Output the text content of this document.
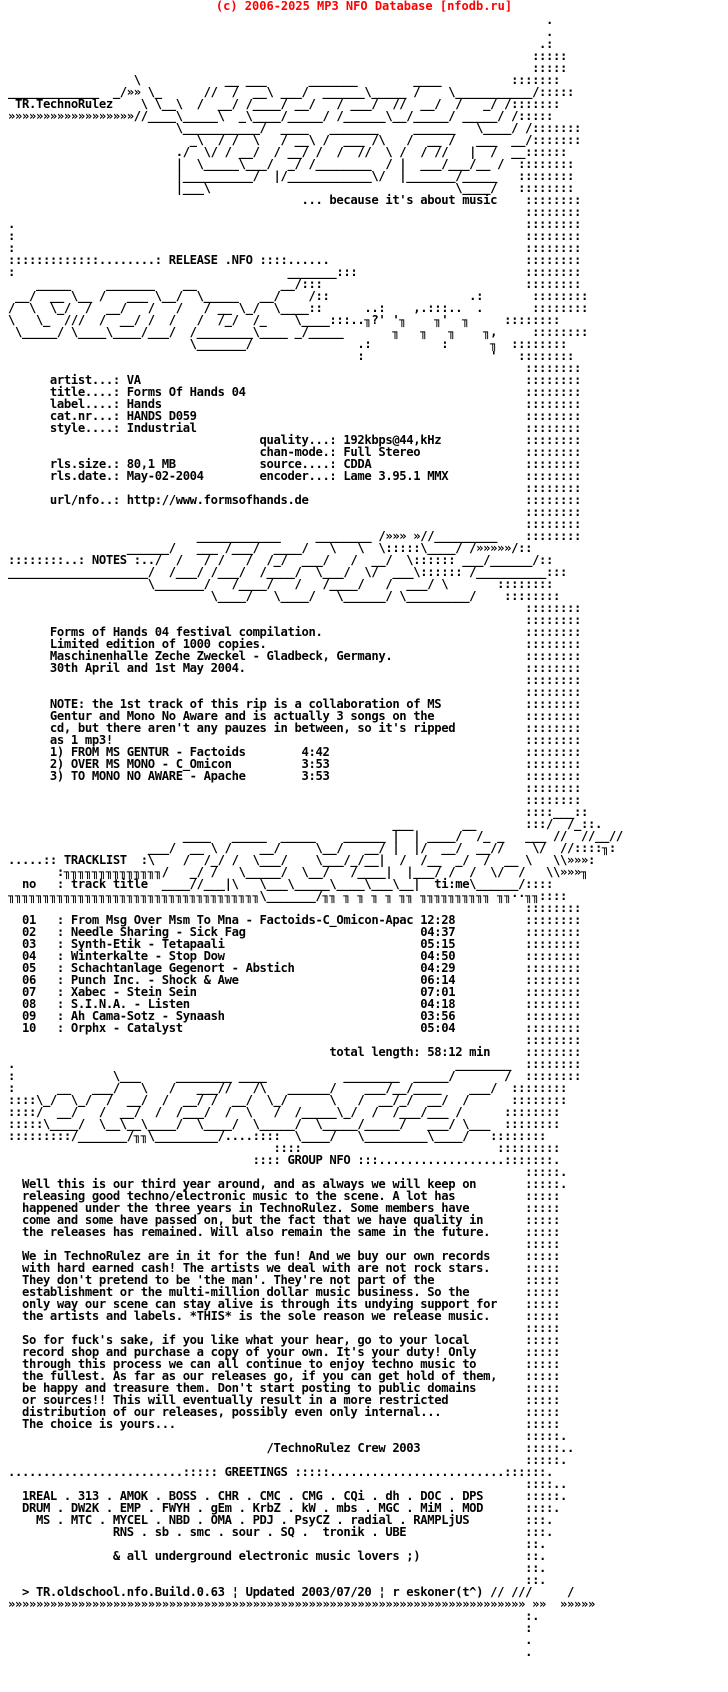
(c) 2006-2025 MP3 NFO Database [nfodb.ru]
.
.
.:
:::::
:::::
\            __ ___      _______        ____          :::::::
_____________  _/»» \_      //  /  __\ ___/  ______\_____ /    \___________/:::::
TR.TechnoRulez    \ \__\  /  __/ /____/ __/   / ___/  //  __/  /   _/ /:::::::
»»»»»»»»»»»»»»»»»»//____\_____\  _\____/_____/ /______\__/_____/ _____/ /:::::
\___________/  ____   _______     ______   \____/ /:::::::
_\  / /  \   / __\ /  ___ /\   /  __ /   ___  __/:::::::
./  \/ / __/  / __/ /  /  //  \ /  / //   |  /  __::::::
|  \_____\___/  _/ /________  / |  ___/___/__ /  ::::::::
|__________/  |/____________\/  |_______/_____   ::::::::
|___\                                   \____/   ::::::::
... because it's about music    ::::::::
::::::::
.                                                                         ::::::::
:                                                                         ::::::::
:                                                                         ::::::::
:::::::::::::........: RELEASE .NFO ::::......                            ::::::::
:                                       _______:::                        ::::::::
_____     _______    __            __/:::                             ::::::::
__/  __ \__ /   ___ \__/  \_____   __/    /::                    .:       ::::::::
/  \  \_/  /  __/   /   /   / __ \_/  \____::      ..:    ,.:::..  .       ::::::::
\   \_  ///  /  __/ /  /   /  /_/  /_    \____:::..╖?' '╖    ╖'  ╖     ::::::::
\_____/ \____\____/___/  /________\____ _/_____       ╖   ╖   ╖    ╖,     ::::::::
\_______/               .:          :      ╖  ::::::::
:                  '   ::::::::
::::::::
artist...: VA                                                       ::::::::
title....: Forms Of Hands 04                                        ::::::::
label....: Hands                                                    ::::::::
cat.nr...: HANDS D059                                               ::::::::
style....: Industrial                                               ::::::::
quality...: 192kbps@44,kHz            ::::::::
chan-mode.: Full Stereo               ::::::::
rls.size.: 80,1 MB            source....: CDDA                      ::::::::
rls.date.: May-02-2004        encoder...: Lame 3.95.1 MMX           ::::::::
::::::::
url/nfo..: http://www.formsofhands.de                               ::::::::
::::::::
::::::::
____________     ________ /»»» »//_________    ::::::::
______/   ___ /___/  ____/   \   \  \:::::\____/ /»»»»»/::
::::::::..: NOTES :../  /   / /   /  /_/  ___/   /  __/  \:::::: ___/______/::
____________________/  /___/ /___/  /____/  \___/  \/  ___\:::::: /__________:::
\_______/   /____/   /   /____/   /  ___/ \       ::::::::
\____/   \____/   \______/ \_________/    ::::::::
::::::::
::::::::
Forms of Hands 04 festival compilation.                             ::::::::
Limited edition of 1000 copies.                                     ::::::::
Maschinenhalle Zeche Zweckel - Gladbeck, Germany.                   ::::::::
30th April and 1st May 2004.                                        ::::::::
::::::::
::::::::
NOTE: the 1st track of this rip is a collaboration of MS            ::::::::
Gentur and Mono No Aware and is actually 3 songs on the             ::::::::
cd, but there aren't any pauzes in between, so it's ripped          ::::::::
as 1 mp3!                                                           ::::::::
1) FROM MS GENTUR - Factoids        4:42                            ::::::::
2) OVER MS MONO - C_Omicon          3:53                            ::::::::
3) TO MONO NO AWARE - Apache        3:53                            ::::::::
::::::::
::::::::
::::___::
___       __       :::/  /_::.
____   _____  _____    ______ |  | ____/  /_ _   ___ //  //__//
___/  __ \ /    __/     \__/   __/ |  |/  __/  __//    \/  //::::╖:
.....:: TRACKLIST  :\    /  /_/ /  \___/    \___/_/__|  /  /__  _/  /  __ \   \\»»»:
:╖╖╖╖╖╖╖╖╖╖╖╖╖╖/   _/ /   \_____/  \__/   /____|  |___/ /  /  \/  /   \\»»»╖
no   : track title  ____//___|\   \___\_____\____\___\__|  ti:me\______/::::
╖╖╖╖╖╖╖╖╖╖╖╖╖╖╖╖╖╖╖╖╖╖╖╖╖╖╖╖╖╖╖╖╖╖╖╖\_______/╖╖ ╖ ╖ ╖ ╖ ╖╖ ╖╖╖╖╖╖╖╖╖╖ ╖╖··╖╖::::
::::::::
01   : From Msg Over Msm To Mna - Factoids-C_Omicon-Apac 12:28          ::::::::
02   : Needle Sharing - Sick Fag                         04:37          ::::::::
03   : Synth-Etik - Tetapaali                            05:15          ::::::::
04   : Winterkalte - Stop Dow                            04:50          ::::::::
05   : Schachtanlage Gegenort - Abstich                  04:29          ::::::::
06   : Punch Inc. - Shock & Awe                          06:14          ::::::::
07   : Xabec - Stein Sein                                07:01          ::::::::
08   : S.I.N.A. - Listen                                 04:18          ::::::::
09   : Ah Cama-Sotz - Synaash                            03:56          ::::::::
10   : Orphx - Catalyst                                  05:04          ::::::::
::::::::
total length: 58:12 min     ::::::::
.                                                               ________  ::::::::
:              \___     ________ ____           ________  _____/       /  ::::::::
:      __   ___/   \   /   ___//   /\   ______/    ___/__/____    ___/  ::::::::
::::\_/  \_/  /  __/  /  __/ /  __/  \_/      \   /  __/_/  __/  /      ::::::::
::::/  __/   /  __/  /  /___/  /  \   /  /_____\_/  /  /___/___ /      ::::::::
:::::\____/  \__\__\____/  \____/  \_____/  \_____/_____/   ___/ \___  ::::::::
:::::::::/_______/╖╖\_________/....::::  \____/   \_________\____/   ::::::::
::::                            :::::::::
:::: GROUP NFO :::..................:::::::.
:::::.
Well this is our third year around, and as always we will keep on       :::::.
releasing good techno/electronic music to the scene. A lot has          :::::
happened under the three years in TechnoRulez. Some members have        :::::
come and some have passed on, but the fact that we have quality in      :::::
the releases has remained. Will also remain the same in the future.     :::::
:::::
We in TechnoRulez are in it for the fun! And we buy our own records     :::::
with hard earned cash! The artists we deal with are not rock stars.     :::::
They don't pretend to be 'the man'. They're not part of the             :::::
establishment or the multi-million dollar music business. So the        :::::
only way our scene can stay alive is through its undying support for    :::::
the artists and labels. *THIS* is the sole reason we release music.     :::::
:::::
So for fuck's sake, if you like what your hear, go to your local        :::::
record shop and purchase a copy of your own. It's your duty! Only       :::::
through this process we can all continue to enjoy techno music to       :::::
the fullest. As far as our releases go, if you can get hold of them,    :::::
be happy and treasure them. Don't start posting to public domains       :::::
or sources!! This will eventually result in a more restricted           :::::
distribution of our releases, possibly even only internal...            :::::
The choice is yours...                                                  :::::
:::::.
/TechnoRulez Crew 2003               :::::..
:::::.
.........................::::: GREETINGS :::::.........................::::::.
::::..
1REAL . 313 . AMOK . BOSS . CHR . CMC . CMG . CQi . dh . DOC . DPS      :::::.
DRUM . DW2K . EMP . FWYH . gEm . KrbZ . kW . mbs . MGC . MiM . MOD      ::::.
MS . MTC . MYCEL . NBD . OMA . PDJ . PsyCZ . radial . RAMPLjUS        :::.
RNS . sb . smc . sour . SQ .  tronik . UBE                 :::.
::.
& all underground electronic music lovers ;)               ::.
::.
::.
> TR.oldschool.nfo.Build.0.63 ¦ Updated 2003/07/20 ¦ r eskoner(t^) // ///     /
»»»»»»»»»»»»»»»»»»»»»»»»»»»»»»»»»»»»»»»»»»»»»»»»»»»»»»»»»»»»»»»»»»»»»»»»»» »»  »»»»»
:.
:
.
.
